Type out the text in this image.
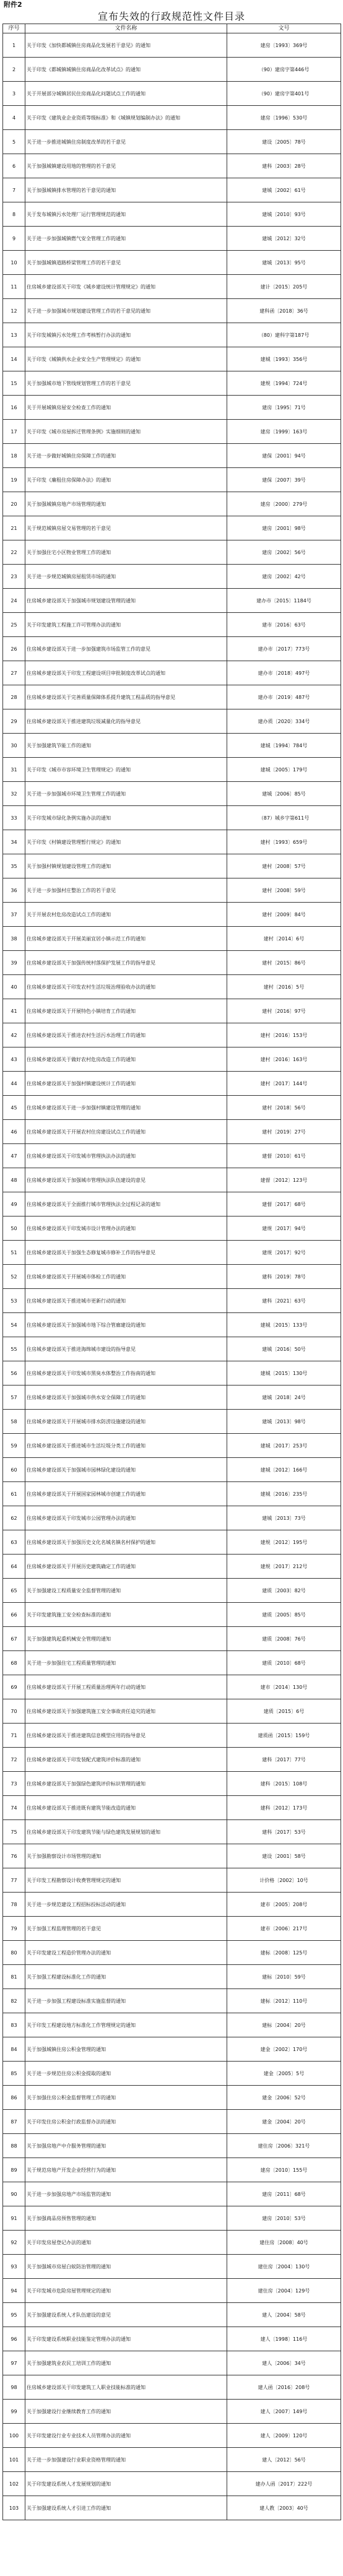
附件2
宣布失效的行政规范性文件目录
序号	文件名称	文号
1	关于印发《加快都城镇住房商品化发展若干意见》的通知	建房〔1993〕369号
2	关于印发《都城镇城镇住房商品化改革试点》的通知	（90）建房字第446号
3	关于开展部分城镇居民住房商品化问题试点工作的通知	（90）建房字第401号
4	关于印发《建筑业企业资质等级标准》和《城镇规划编制办法》的通知	建房〔1996〕530号
5	关于进一步推进城镇住房制度改革的若干意见	建设〔2005〕78号
6	关于加强城镇建设用地的管理的若干意见	建科〔2003〕28号
7	关于加强城镇排水管理的若干意见的通知	建城〔2002〕61号
8	关于发布城镇污水处理厂运行管理规范的通知	建城〔2010〕93号
9	关于进一步加强城镇燃气安全管理工作的通知	建城〔2012〕32号
10	关于加强城镇道路桥梁管理工作的若干意见	建城〔2013〕95号
11	住房城乡建设部关于印发《城乡建设统计管理规定》的通知	建计〔2015〕205号
12	关于进一步加强城市规划建设管理工作的若干意见的通知	建科函〔2018〕36号
13	关于印发城镇污水处理工作考核暂行办法的通知	（80）建科字第187号
14	关于印发《城镇供水企业安全生产管理规定》的通知	建城〔1993〕356号
15	关于加强城市地下管线规划管理工作的若干意见	建规〔1994〕724号
16	关于开展城镇房屋安全检查工作的通知	建房〔1995〕71号
17	关于印发《城市房屋拆迁管理条例》实施细则的通知	建房〔1999〕163号
18	关于进一步做好城镇住房保障工作的通知	建保〔2001〕94号
19	关于印发《廉租住房保障办法》的通知	建保〔2007〕39号
20	关于加强城镇房地产市场管理的通知	建房〔2000〕279号
21	关于规范城镇房屋交易管理的若干意见	建房〔2001〕98号
22	关于加强住宅小区物业管理工作的通知	建房〔2002〕56号
23	关于进一步规范城镇房屋租赁市场的通知	建房〔2002〕42号
24	住房城乡建设部关于加强城市规划建设管理的通知	建办市〔2015〕1184号
25	关于印发建筑工程施工许可管理办法的通知	建市〔2016〕63号
26	住房城乡建设部关于进一步加强建筑市场监管工作的意见	建办市〔2017〕773号
27	住房城乡建设部关于印发工程建设项目审批制度改革试点的通知	建办市〔2018〕497号
28	住房城乡建设部关于完善质量保障体系提升建筑工程品质的指导意见	建办市〔2019〕487号
29	住房城乡建设部关于推进建筑垃圾减量化的指导意见	建办质〔2020〕334号
30	关于加强建筑节能工作的通知	建城〔1994〕784号
31	关于印发《城市市容环境卫生管理规定》的通知	建城〔2005〕179号
32	关于进一步加强城市环境卫生管理工作的通知	建城〔2006〕85号
33	关于印发城市绿化条例实施办法的通知	（87）城乡字第611号
34	关于印发《村镇建设管理暂行规定》的通知	建村〔1993〕659号
35	关于加强村镇规划建设管理工作的通知	建村〔2008〕57号
36	关于进一步加强村庄整治工作的若干意见	建村〔2008〕59号
37	关于开展农村危房改造试点工作的通知	建村〔2009〕84号
38	住房城乡建设部关于开展美丽宜居小镇示范工作的通知	建村〔2014〕6号
39	住房城乡建设部关于加强传统村落保护发展工作的指导意见	建村〔2015〕86号
40	住房城乡建设部关于印发农村生活垃圾治理验收办法的通知	建村〔2016〕5号
41	住房城乡建设部关于开展特色小镇培育工作的通知	建村〔2016〕97号
42	住房城乡建设部关于推进农村生活污水治理工作的通知	建村〔2016〕153号
43	住房城乡建设部关于做好农村危房改造工作的通知	建村〔2016〕163号
44	住房城乡建设部关于加强村镇建设统计工作的通知	建村〔2017〕144号
45	住房城乡建设部关于进一步加强村镇建设管理的通知	建村〔2018〕56号
46	住房城乡建设部关于开展农村住房建设试点工作的通知	建村〔2019〕27号
47	住房城乡建设部关于印发城市管理执法办法的通知	建督〔2010〕61号
48	住房城乡建设部关于加强城市管理执法队伍建设的意见	建督〔2012〕123号
49	住房城乡建设部关于全面推行城市管理执法全过程记录的通知	建督〔2017〕68号
50	住房城乡建设部关于印发城市设计管理办法的通知	建规〔2017〕94号
51	住房城乡建设部关于加强生态修复城市修补工作的指导意见	建规〔2017〕92号
52	住房城乡建设部关于开展城市体检工作的通知	建科〔2019〕78号
53	住房城乡建设部关于推进城市更新行动的通知	建科〔2021〕63号
54	住房城乡建设部关于加强城市地下综合管廊建设的通知	建城〔2015〕133号
55	住房城乡建设部关于推进海绵城市建设的指导意见	建城〔2016〕50号
56	住房城乡建设部关于印发城市黑臭水体整治工作指南的通知	建城〔2015〕130号
57	住房城乡建设部关于加强城市供水安全保障工作的通知	建城〔2018〕24号
58	住房城乡建设部关于开展城市排水防涝设施建设的通知	建城〔2013〕98号
59	住房城乡建设部关于推进城市生活垃圾分类工作的通知	建城〔2017〕253号
60	住房城乡建设部关于加强城市园林绿化建设的通知	建城〔2012〕166号
61	住房城乡建设部关于开展国家园林城市创建工作的通知	建城〔2016〕235号
62	住房城乡建设部关于印发城市公园管理办法的通知	建城〔2013〕73号
63	住房城乡建设部关于加强历史文化名城名镇名村保护的通知	建规〔2012〕195号
64	住房城乡建设部关于开展历史建筑确定工作的通知	建规〔2017〕212号
65	关于加强建设工程质量安全监督管理的通知	建质〔2003〕82号
66	关于印发建筑施工安全检查标准的通知	建质〔2005〕85号
67	关于加强建筑起重机械安全管理的通知	建质〔2008〕76号
68	关于进一步加强住宅工程质量管理的通知	建质〔2010〕68号
69	住房城乡建设部关于开展工程质量治理两年行动的通知	建市〔2014〕130号
70	住房城乡建设部关于加强建筑施工安全事故责任追究的通知	建质〔2015〕6号
71	住房城乡建设部关于推进建筑信息模型应用的指导意见	建质函〔2015〕159号
72	住房城乡建设部关于印发装配式建筑评价标准的通知	建科〔2017〕77号
73	住房城乡建设部关于加强绿色建筑评价标识管理的通知	建科〔2015〕108号
74	住房城乡建设部关于推进既有建筑节能改造的通知	建科〔2012〕173号
75	住房城乡建设部关于印发建筑节能与绿色建筑发展规划的通知	建科〔2017〕53号
76	关于加强勘察设计市场管理的通知	建设〔2001〕58号
77	关于印发工程勘察设计收费管理规定的通知	计价格〔2002〕10号
78	关于进一步规范建设工程招标投标活动的通知	建市〔2005〕208号
79	关于加强工程监理管理的若干意见	建市〔2006〕217号
80	关于印发建设工程造价管理办法的通知	建标〔2008〕125号
81	关于加强工程建设标准化工作的通知	建标〔2010〕59号
82	关于进一步加强工程建设标准实施监督的通知	建标〔2012〕110号
83	关于印发工程建设地方标准化工作管理规定的通知	建标〔2004〕20号
84	关于加强城镇住房公积金管理的通知	建金〔2002〕170号
85	关于进一步规范住房公积金提取的通知	建金〔2005〕5号
86	关于加强住房公积金监督管理工作的通知	建金〔2006〕52号
87	关于印发住房公积金行政监督办法的通知	建金〔2004〕20号
88	关于加强房地产中介服务管理的通知	建住房〔2006〕321号
89	关于规范房地产开发企业经营行为的通知	建房〔2010〕155号
90	关于进一步加强房地产市场监管的通知	建房〔2011〕68号
91	关于加强商品房预售管理的通知	建房〔2010〕53号
92	关于印发房屋登记办法的通知	建住房〔2008〕40号
93	关于加强城市房屋白蚁防治管理的通知	建住房〔2004〕130号
94	关于印发城市危险房屋管理规定的通知	建住房〔2004〕129号
95	关于加强建设系统人才队伍建设的意见	建人〔2004〕58号
96	关于印发建设系统职业技能鉴定管理办法的通知	建人〔1998〕116号
97	关于加强建筑业农民工培训工作的通知	建人〔2006〕34号
98	住房城乡建设部关于印发建筑工人职业技能标准的通知	建人函〔2016〕208号
99	关于加强建设行业继续教育工作的通知	建人〔2007〕149号
100	关于印发建设行业专业技术人员管理办法的通知	建人〔2009〕120号
101	关于进一步加强建设行业职业资格管理的通知	建人〔2012〕56号
102	关于印发建设系统人才发展规划的通知	建办人函〔2017〕222号
103	关于加强建设系统人才引进工作的通知	建人教〔2003〕40号
